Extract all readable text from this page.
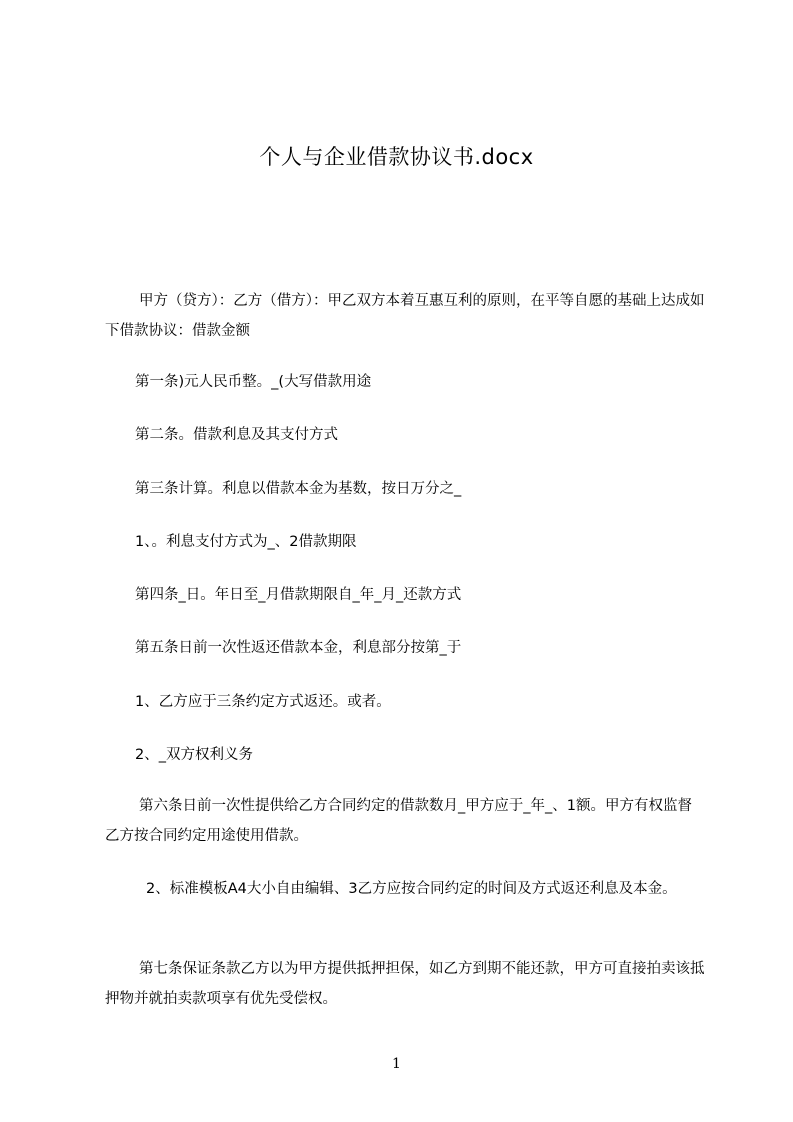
个人与企业借款协议书.docx

甲方（贷方）：乙方（借方）：甲乙双方本着互惠互利的原则，在平等自愿的基础上达成如下借款协议：借款金额

第一条)元人民币整。_(大写借款用途

第二条。借款利息及其支付方式

第三条计算。利息以借款本金为基数，按日万分之_

1、。利息支付方式为_、2借款期限

第四条_日。年日至_月借款期限自_年_月_还款方式

第五条日前一次性返还借款本金，利息部分按第_于

1、乙方应于三条约定方式返还。或者。

2、_双方权利义务

第六条日前一次性提供给乙方合同约定的借款数月_甲方应于_年_、1额。甲方有权监督乙方按合同约定用途使用借款。

2、标准模板A4大小自由编辑、3乙方应按合同约定的时间及方式返还利息及本金。

第七条保证条款乙方以为甲方提供抵押担保，如乙方到期不能还款，甲方可直接拍卖该抵押物并就拍卖款项享有优先受偿权。

1
